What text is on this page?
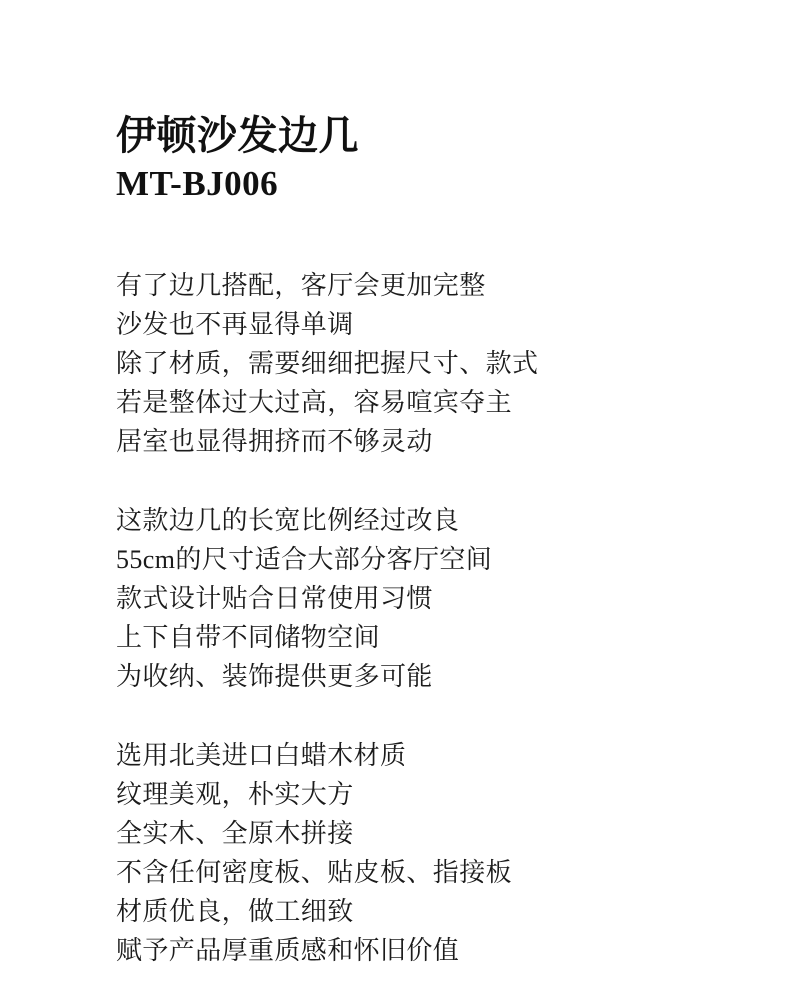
伊顿沙发边几
MT-BJ006
有了边几搭配，客厅会更加完整
沙发也不再显得单调
除了材质，需要细细把握尺寸、款式
若是整体过大过高，容易喧宾夺主
居室也显得拥挤而不够灵动
这款边几的长宽比例经过改良
55cm的尺寸适合大部分客厅空间
款式设计贴合日常使用习惯
上下自带不同储物空间
为收纳、装饰提供更多可能
选用北美进口白蜡木材质
纹理美观，朴实大方
全实木、全原木拼接
不含任何密度板、贴皮板、指接板
材质优良，做工细致
赋予产品厚重质感和怀旧价值
